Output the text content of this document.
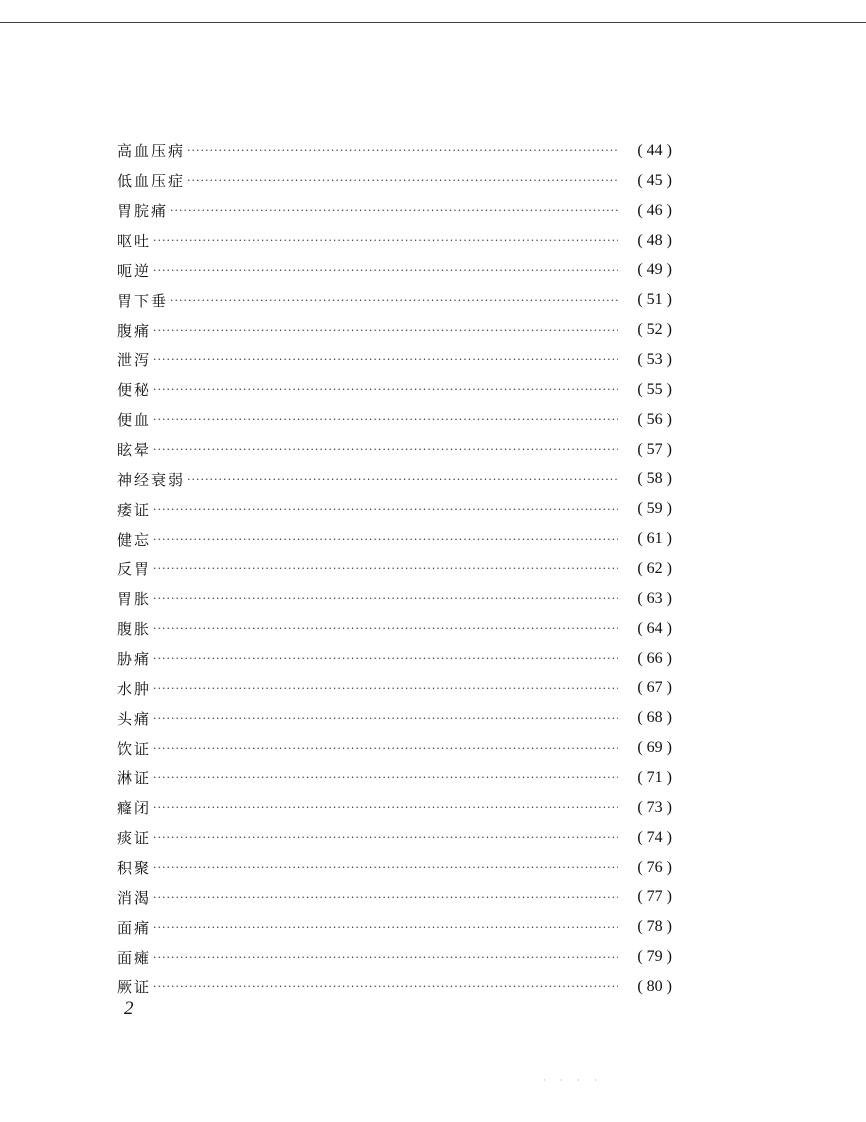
高血压病 ·····	( 44 )
低血压症 ·····	( 45 )
胃脘痛 ·····	( 46 )
呕吐 ·····	( 48 )
呃逆 ·····	( 49 )
胃下垂 ·····	( 51 )
腹痛 ·····	( 52 )
泄泻 ·····	( 53 )
便秘 ·····	( 55 )
便血 ·····	( 56 )
眩晕 ·····	( 57 )
神经衰弱 ·····	( 58 )
痿证 ·····	( 59 )
健忘 ·····	( 61 )
反胃 ·····	( 62 )
胃胀 ·····	( 63 )
腹胀 ·····	( 64 )
胁痛 ·····	( 66 )
水肿 ·····	( 67 )
头痛 ·····	( 68 )
饮证 ·····	( 69 )
淋证 ·····	( 71 )
癃闭 ·····	( 73 )
痰证 ·····	( 74 )
积聚 ·····	( 76 )
消渴 ·····	( 77 )
面痛 ·····	( 78 )
面瘫 ·····	( 79 )
厥证 ·····	( 80 )
2
· · · ·
